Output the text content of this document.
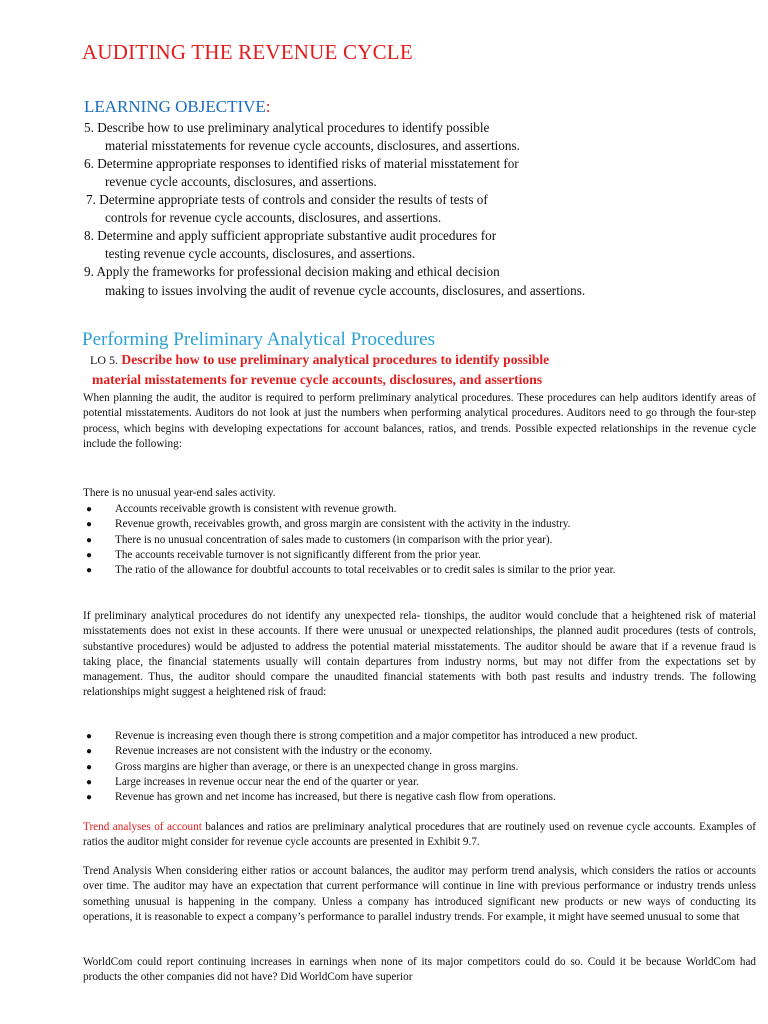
AUDITING THE REVENUE CYCLE
LEARNING OBJECTIVE:
5. Describe how to use preliminary analytical procedures to identify possible
material misstatements for revenue cycle accounts, disclosures, and assertions.
6. Determine appropriate responses to identified risks of material misstatement for
revenue cycle accounts, disclosures, and assertions.
7. Determine appropriate tests of controls and consider the results of tests of
controls for revenue cycle accounts, disclosures, and assertions.
8. Determine and apply sufficient appropriate substantive audit procedures for
testing revenue cycle accounts, disclosures, and assertions.
9. Apply the frameworks for professional decision making and ethical decision
making to issues involving the audit of revenue cycle accounts, disclosures, and assertions.
Performing Preliminary Analytical Procedures
LO 5. Describe how to use preliminary analytical procedures to identify possible
material misstatements for revenue cycle accounts, disclosures, and assertions
When planning the audit, the auditor is required to perform preliminary analytical procedures. These procedures can help auditors identify areas of potential misstatements. Auditors do not look at just the numbers when performing analytical procedures. Auditors need to go through the four-step process, which begins with developing expectations for account balances, ratios, and trends. Possible expected relationships in the revenue cycle include the following:
There is no unusual year-end sales activity.
● Accounts receivable growth is consistent with revenue growth.
● Revenue growth, receivables growth, and gross margin are consistent with the activity in the industry.
● There is no unusual concentration of sales made to customers (in comparison with the prior year).
● The accounts receivable turnover is not significantly different from the prior year.
● The ratio of the allowance for doubtful accounts to total receivables or to credit sales is similar to the prior year.
If preliminary analytical procedures do not identify any unexpected rela- tionships, the auditor would conclude that a heightened risk of material misstatements does not exist in these accounts. If there were unusual or unexpected relationships, the planned audit procedures (tests of controls, substantive procedures) would be adjusted to address the potential material misstatements. The auditor should be aware that if a revenue fraud is taking place, the financial statements usually will contain departures from industry norms, but may not differ from the expectations set by management. Thus, the auditor should compare the unaudited financial statements with both past results and industry trends. The following relationships might suggest a heightened risk of fraud:
● Revenue is increasing even though there is strong competition and a major competitor has introduced a new product.
● Revenue increases are not consistent with the industry or the economy.
● Gross margins are higher than average, or there is an unexpected change in gross margins.
● Large increases in revenue occur near the end of the quarter or year.
● Revenue has grown and net income has increased, but there is negative cash flow from operations.
Trend analyses of account balances and ratios are preliminary analytical procedures that are routinely used on revenue cycle accounts. Examples of ratios the auditor might consider for revenue cycle accounts are presented in Exhibit 9.7.
Trend Analysis When considering either ratios or account balances, the auditor may perform trend analysis, which considers the ratios or accounts over time. The auditor may have an expectation that current performance will continue in line with previous performance or industry trends unless something unusual is happening in the company. Unless a company has introduced significant new products or new ways of conducting its operations, it is reasonable to expect a company’s performance to parallel industry trends. For example, it might have seemed unusual to some that
WorldCom could report continuing increases in earnings when none of its major competitors could do so. Could it be because WorldCom had products the other companies did not have? Did WorldCom have superior
